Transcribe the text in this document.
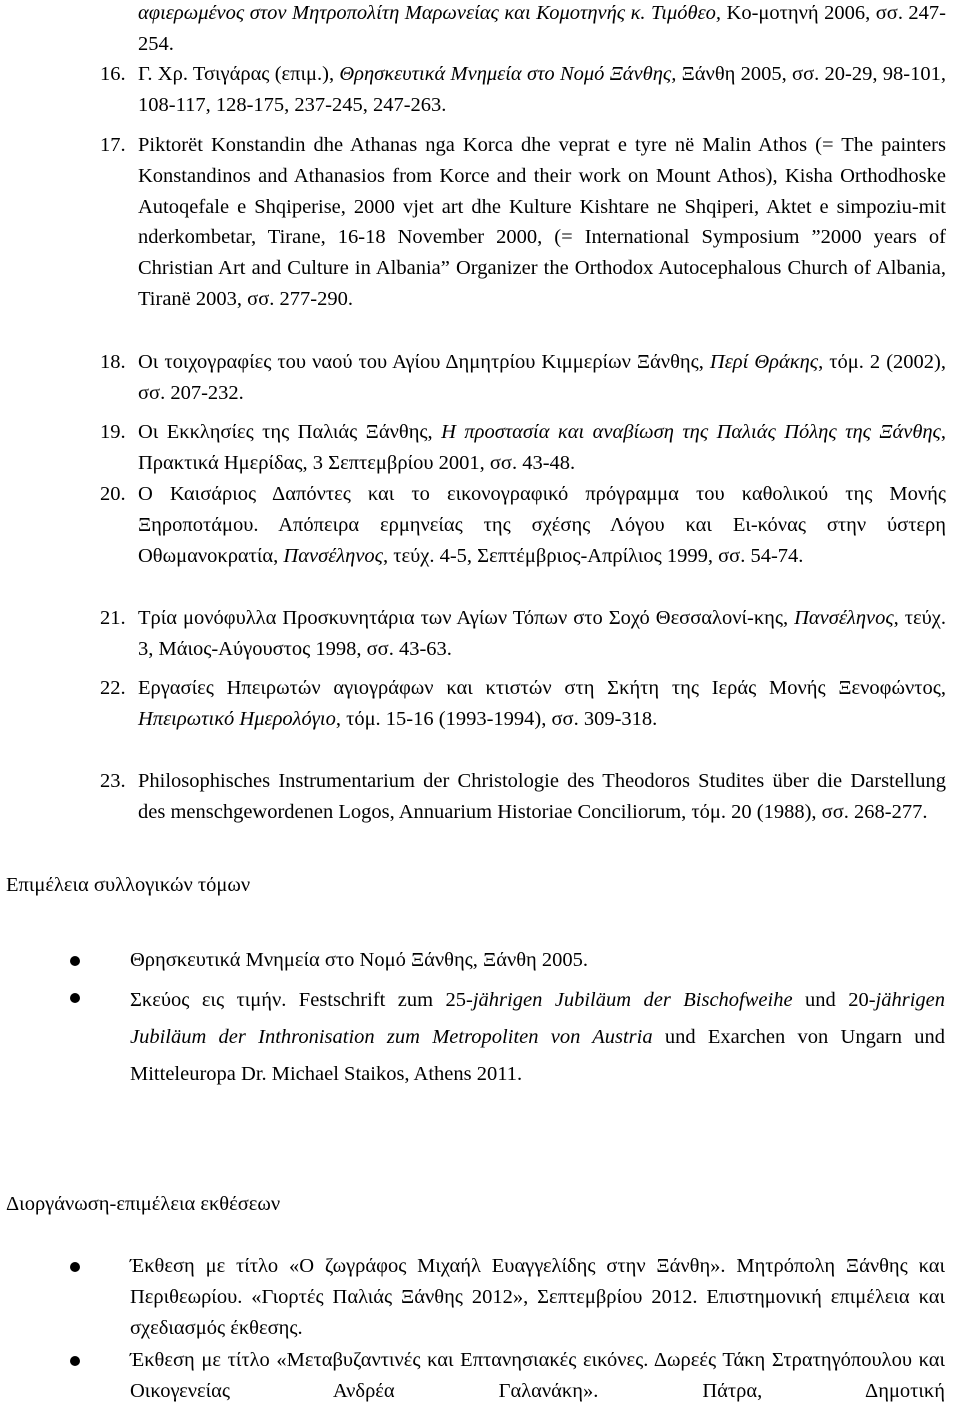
αφιερωμένος στον Μητροπολίτη Μαρωνείας και Κομοτηνής κ. Τιμόθεο, Κο-μοτηνή 2006, σσ. 247-254.
16. Γ. Χρ. Τσιγάρας (επιμ.), Θρησκευτικά Μνημεία στο Νομό Ξάνθης, Ξάνθη 2005, σσ. 20-29, 98-101, 108-117, 128-175, 237-245, 247-263.
17. Piktorët Konstandin dhe Athanas nga Korca dhe veprat e tyre në Malin Athos (= The painters Konstandinos and Athanasios from Korce and their work on Mount Athos), Kisha Orthodhoske Autoqefale e Shqiperise, 2000 vjet art dhe Kulture Kishtare ne Shqiperi, Aktet e simpoziu-mit nderkombetar, Tirane, 16-18 November 2000, (= International Symposium ”2000 years of Christian Art and Culture in Albania” Organizer the Orthodox Autocephalous Church of Albania, Tiranë 2003, σσ. 277-290.
18. Οι τοιχογραφίες του ναού του Αγίου Δημητρίου Κιμμερίων Ξάνθης, Περί Θράκης, τόμ. 2 (2002), σσ. 207-232.
19. Οι Εκκλησίες της Παλιάς Ξάνθης, Η προστασία και αναβίωση της Παλιάς Πόλης της Ξάνθης, Πρακτικά Ημερίδας, 3 Σεπτεμβρίου 2001, σσ. 43-48.
20. Ο Καισάριος Δαπόντες και το εικονογραφικό πρόγραμμα του καθολικού της Μονής Ξηροποτάμου. Απόπειρα ερμηνείας της σχέσης Λόγου και Ει-κόνας στην ύστερη Οθωμανοκρατία, Πανσέληνος, τεύχ. 4-5, Σεπτέμβριος-Απρίλιος 1999, σσ. 54-74.
21. Τρία μονόφυλλα Προσκυνητάρια των Αγίων Τόπων στο Σοχό Θεσσαλονί-κης, Πανσέληνος, τεύχ. 3, Μάιος-Αύγουστος 1998, σσ. 43-63.
22. Εργασίες Ηπειρωτών αγιογράφων και κτιστών στη Σκήτη της Ιεράς Μονής Ξενοφώντος, Ηπειρωτικό Ημερολόγιο, τόμ. 15-16 (1993-1994), σσ. 309-318.
23. Philosophisches Instrumentarium der Christologie des Theodoros Studites über die Darstellung des menschgewordenen Logos, Annuarium Historiae Conciliorum, τόμ. 20 (1988), σσ. 268-277.
Επιμέλεια συλλογικών τόμων
Θρησκευτικά Μνημεία στο Νομό Ξάνθης, Ξάνθη 2005.
Σκεύος εις τιμήν. Festschrift zum 25-jährigen Jubiläum der Bischofweihe und 20-jährigen Jubiläum der Inthronisation zum Metropoliten von Austria und Exarchen von Ungarn und Mitteleuropa Dr. Michael Staikos, Athens 2011.
Διοργάνωση-επιμέλεια εκθέσεων
Έκθεση με τίτλο «Ο ζωγράφος Μιχαήλ Ευαγγελίδης στην Ξάνθη». Μητρόπολη Ξάνθης και Περιθεωρίου. «Γιορτές Παλιάς Ξάνθης 2012», Σεπτεμβρίου 2012. Επιστημονική επιμέλεια και σχεδιασμός έκθεσης.
Έκθεση με τίτλο «Μεταβυζαντινές και Επτανησιακές εικόνες. Δωρεές Τάκη Στρατηγόπουλου και Οικογενείας Ανδρέα Γαλανάκη». Πάτρα, Δημοτική
